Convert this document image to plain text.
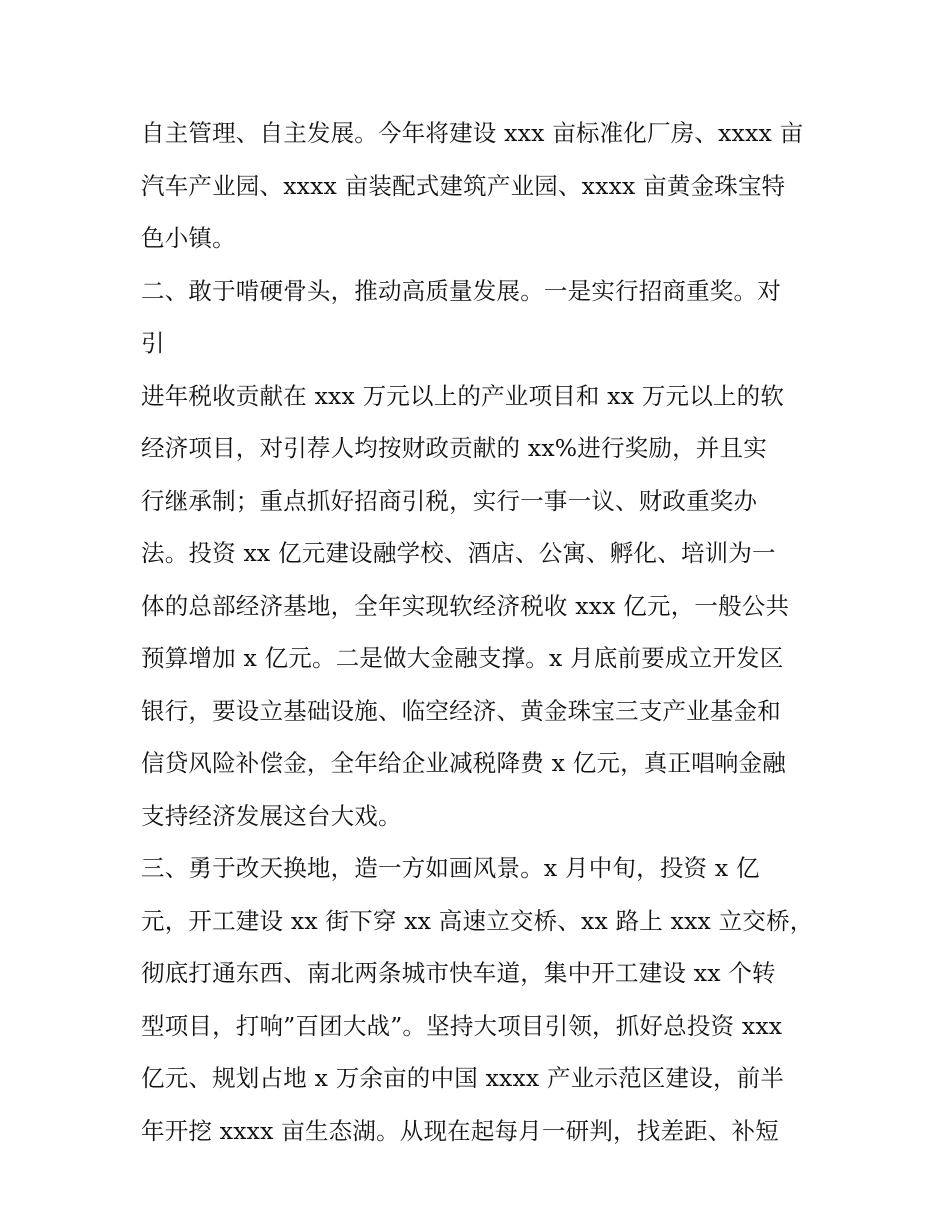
自主管理、自主发展。今年将建设 xxx 亩标准化厂房、xxxx 亩
汽车产业园、xxxx 亩装配式建筑产业园、xxxx 亩黄金珠宝特
色小镇。
二、敢于啃硬骨头，推动高质量发展。一是实行招商重奖。对
引
进年税收贡献在 xxx 万元以上的产业项目和 xx 万元以上的软
经济项目，对引荐人均按财政贡献的 xx%进行奖励，并且实
行继承制；重点抓好招商引税，实行一事一议、财政重奖办
法。投资 xx 亿元建设融学校、酒店、公寓、孵化、培训为一
体的总部经济基地，全年实现软经济税收 xxx 亿元，一般公共
预算增加 x 亿元。二是做大金融支撑。x 月底前要成立开发区
银行，要设立基础设施、临空经济、黄金珠宝三支产业基金和
信贷风险补偿金，全年给企业减税降费 x 亿元，真正唱响金融
支持经济发展这台大戏。
三、勇于改天换地，造一方如画风景。x 月中旬，投资 x 亿
元，开工建设 xx 街下穿 xx 高速立交桥、xx 路上 xxx 立交桥，
彻底打通东西、南北两条城市快车道，集中开工建设 xx 个转
型项目，打响”百团大战”。坚持大项目引领，抓好总投资 xxx
亿元、规划占地 x 万余亩的中国 xxxx 产业示范区建设，前半
年开挖 xxxx 亩生态湖。从现在起每月一研判，找差距、补短
